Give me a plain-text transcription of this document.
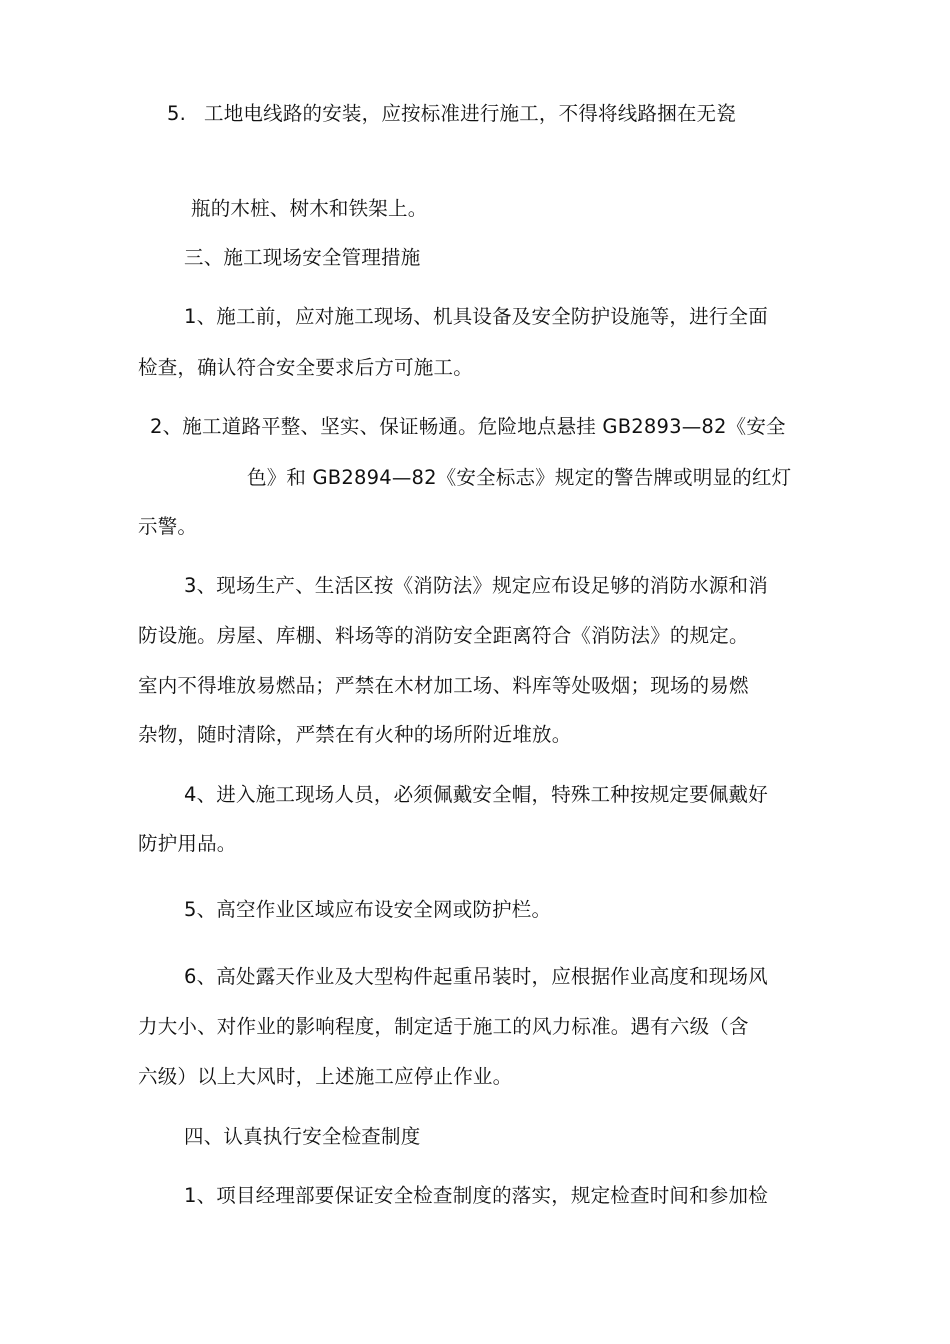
5. 工地电线路的安装，应按标准进行施工，不得将线路捆在无瓷
瓶的木桩、树木和铁架上。
三、施工现场安全管理措施
1、施工前，应对施工现场、机具设备及安全防护设施等，进行全面
检查，确认符合安全要求后方可施工。
2、施工道路平整、坚实、保证畅通。危险地点悬挂 GB2893—82《安全
色》和 GB2894—82《安全标志》规定的警告牌或明显的红灯
示警。
3、现场生产、生活区按《消防法》规定应布设足够的消防水源和消
防设施。房屋、库棚、料场等的消防安全距离符合《消防法》的规定。
室内不得堆放易燃品；严禁在木材加工场、料库等处吸烟；现场的易燃
杂物，随时清除，严禁在有火种的场所附近堆放。
4、进入施工现场人员，必须佩戴安全帽，特殊工种按规定要佩戴好
防护用品。
5、高空作业区域应布设安全网或防护栏。
6、高处露天作业及大型构件起重吊装时，应根据作业高度和现场风
力大小、对作业的影响程度，制定适于施工的风力标准。遇有六级（含
六级）以上大风时，上述施工应停止作业。
四、认真执行安全检查制度
1、项目经理部要保证安全检查制度的落实，规定检查时间和参加检
